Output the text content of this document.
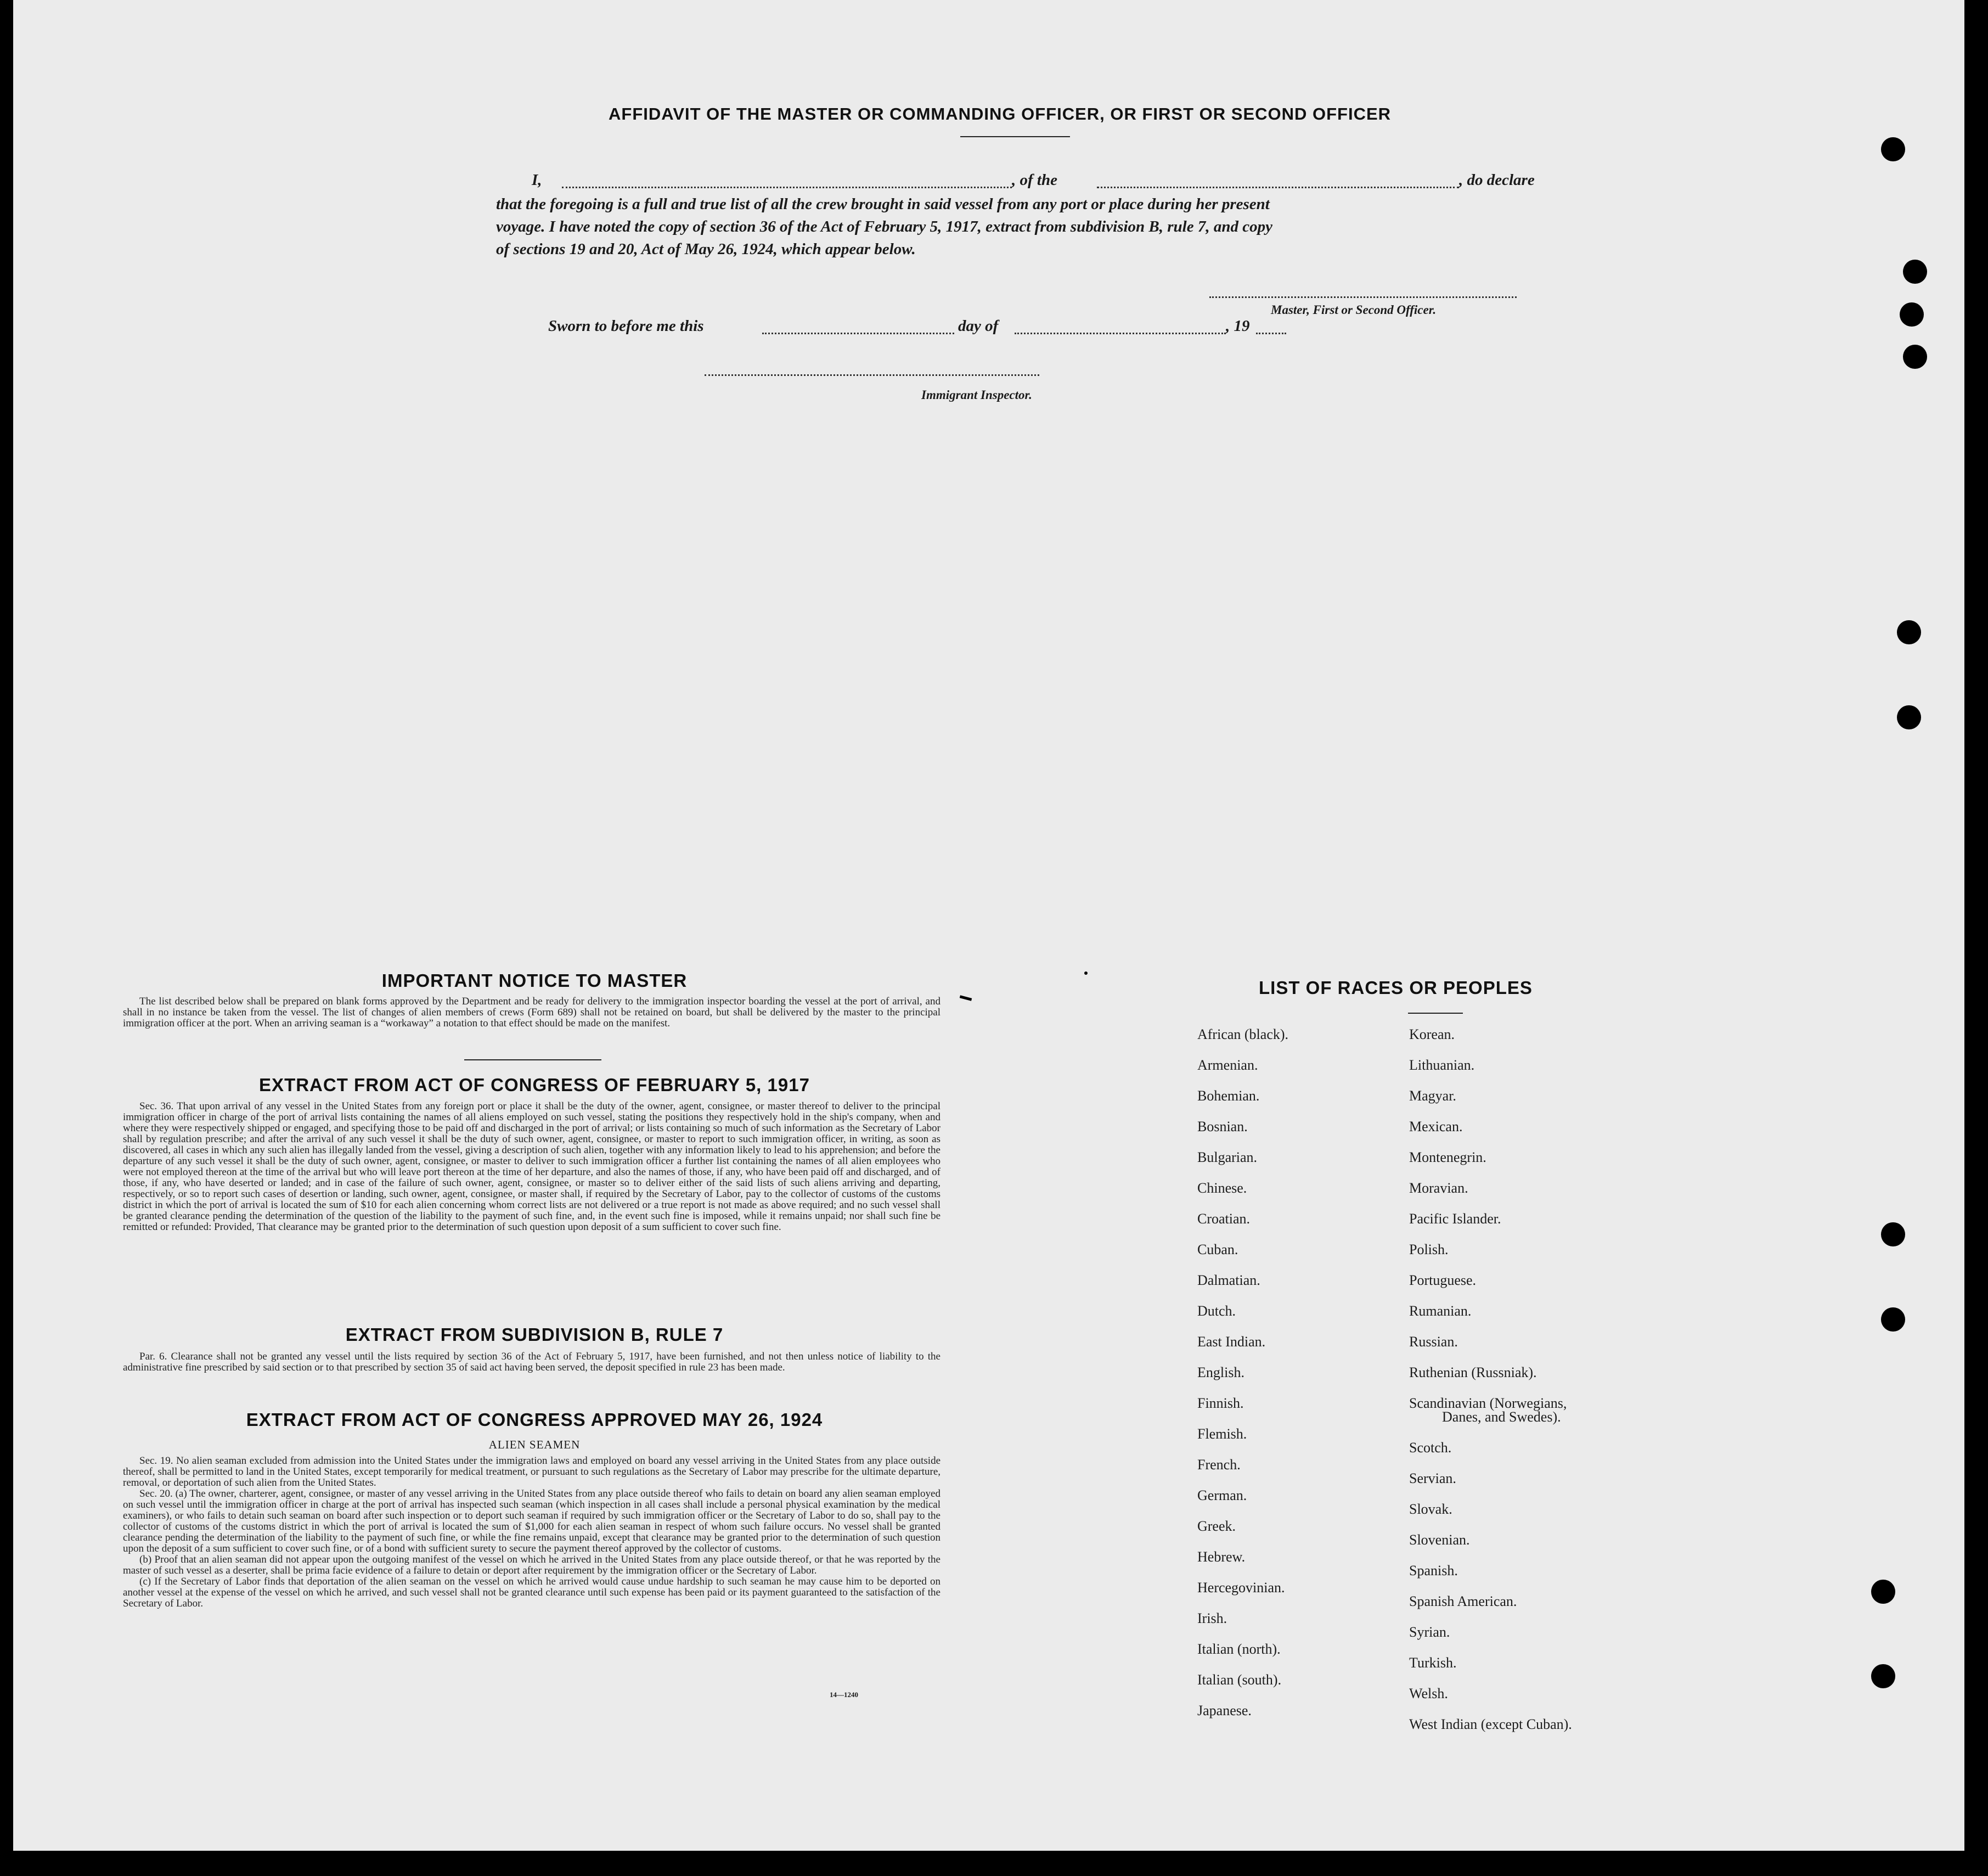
AFFIDAVIT OF THE MASTER OR COMMANDING OFFICER, OR FIRST OR SECOND OFFICER
I,	, of the	, do declare
that the foregoing is a full and true list of all the crew brought in said vessel from any port or place during her present
voyage. I have noted the copy of section 36 of the Act of February 5, 1917, extract from subdivision B, rule 7, and copy
of sections 19 and 20, Act of May 26, 1924, which appear below.
Master, First or Second Officer.
Sworn to before me this	day of	, 19
Immigrant Inspector.
IMPORTANT NOTICE TO MASTER

The list described below shall be prepared on blank forms approved by the Department and be ready for delivery to the immigration inspector boarding the vessel at the port of arrival, and shall in no instance be taken from the vessel. The list of changes of alien members of crews (Form 689) shall not be retained on board, but shall be delivered by the master to the principal immigration officer at the port. When an arriving seaman is a “workaway” a notation to that effect should be made on the manifest.

EXTRACT FROM ACT OF CONGRESS OF FEBRUARY 5, 1917

Sec. 36. That upon arrival of any vessel in the United States from any foreign port or place it shall be the duty of the owner, agent, consignee, or master thereof to deliver to the principal immigration officer in charge of the port of arrival lists containing the names of all aliens employed on such vessel, stating the positions they respectively hold in the ship's company, when and where they were respectively shipped or engaged, and specifying those to be paid off and discharged in the port of arrival; or lists containing so much of such information as the Secretary of Labor shall by regulation prescribe; and after the arrival of any such vessel it shall be the duty of such owner, agent, consignee, or master to report to such immigration officer, in writing, as soon as discovered, all cases in which any such alien has illegally landed from the vessel, giving a description of such alien, together with any information likely to lead to his apprehension; and before the departure of any such vessel it shall be the duty of such owner, agent, consignee, or master to deliver to such immigration officer a further list containing the names of all alien employees who were not employed thereon at the time of the arrival but who will leave port thereon at the time of her departure, and also the names of those, if any, who have been paid off and discharged, and of those, if any, who have deserted or landed; and in case of the failure of such owner, agent, consignee, or master so to deliver either of the said lists of such aliens arriving and departing, respectively, or so to report such cases of desertion or landing, such owner, agent, consignee, or master shall, if required by the Secretary of Labor, pay to the collector of customs of the customs district in which the port of arrival is located the sum of $10 for each alien concerning whom correct lists are not delivered or a true report is not made as above required; and no such vessel shall be granted clearance pending the determination of the question of the liability to the payment of such fine, and, in the event such fine is imposed, while it remains unpaid; nor shall such fine be remitted or refunded: Provided, That clearance may be granted prior to the determination of such question upon deposit of a sum sufficient to cover such fine.

EXTRACT FROM SUBDIVISION B, RULE 7

Par. 6. Clearance shall not be granted any vessel until the lists required by section 36 of the Act of February 5, 1917, have been furnished, and not then unless notice of liability to the administrative fine prescribed by said section or to that prescribed by section 35 of said act having been served, the deposit specified in rule 23 has been made.

EXTRACT FROM ACT OF CONGRESS APPROVED MAY 26, 1924
ALIEN SEAMEN

Sec. 19. No alien seaman excluded from admission into the United States under the immigration laws and employed on board any vessel arriving in the United States from any place outside thereof, shall be permitted to land in the United States, except temporarily for medical treatment, or pursuant to such regulations as the Secretary of Labor may prescribe for the ultimate departure, removal, or deportation of such alien from the United States.

Sec. 20. (a) The owner, charterer, agent, consignee, or master of any vessel arriving in the United States from any place outside thereof who fails to detain on board any alien seaman employed on such vessel until the immigration officer in charge at the port of arrival has inspected such seaman (which inspection in all cases shall include a personal physical examination by the medical examiners), or who fails to detain such seaman on board after such inspection or to deport such seaman if required by such immigration officer or the Secretary of Labor to do so, shall pay to the collector of customs of the customs district in which the port of arrival is located the sum of $1,000 for each alien seaman in respect of whom such failure occurs. No vessel shall be granted clearance pending the determination of the liability to the payment of such fine, or while the fine remains unpaid, except that clearance may be granted prior to the determination of such question upon the deposit of a sum sufficient to cover such fine, or of a bond with sufficient surety to secure the payment thereof approved by the collector of customs.

(b) Proof that an alien seaman did not appear upon the outgoing manifest of the vessel on which he arrived in the United States from any place outside thereof, or that he was reported by the master of such vessel as a deserter, shall be prima facie evidence of a failure to detain or deport after requirement by the immigration officer or the Secretary of Labor.

(c) If the Secretary of Labor finds that deportation of the alien seaman on the vessel on which he arrived would cause undue hardship to such seaman he may cause him to be deported on another vessel at the expense of the vessel on which he arrived, and such vessel shall not be granted clearance until such expense has been paid or its payment guaranteed to the satisfaction of the Secretary of Labor.

14—1240
LIST OF RACES OR PEOPLES
African (black).
Armenian.
Bohemian.
Bosnian.
Bulgarian.
Chinese.
Croatian.
Cuban.
Dalmatian.
Dutch.
East Indian.
English.
Finnish.
Flemish.
French.
German.
Greek.
Hebrew.
Hercegovinian.
Irish.
Italian (north).
Italian (south).
Japanese.
Korean.
Lithuanian.
Magyar.
Mexican.
Montenegrin.
Moravian.
Pacific Islander.
Polish.
Portuguese.
Rumanian.
Russian.
Ruthenian (Russniak).
Scandinavian (Norwegians,
Danes, and Swedes).
Scotch.
Servian.
Slovak.
Slovenian.
Spanish.
Spanish American.
Syrian.
Turkish.
Welsh.
West Indian (except Cuban).
